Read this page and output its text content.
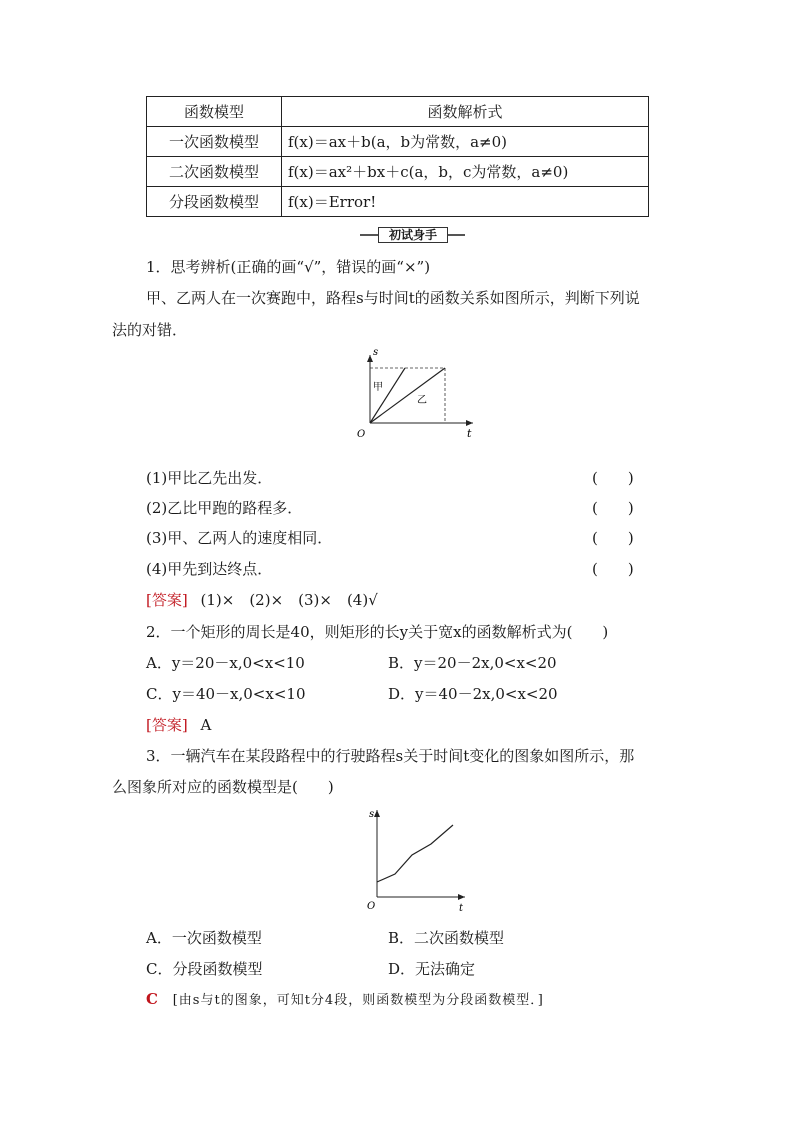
函数模型	函数解析式
一次函数模型	f(x)＝ax＋b(a，b为常数，a≠0)
二次函数模型	f(x)＝ax²＋bx＋c(a，b，c为常数，a≠0)
分段函数模型	f(x)＝Error!
初试身手
1．思考辨析(正确的画“√”，错误的画“×”)
甲、乙两人在一次赛跑中，路程s与时间t的函数关系如图所示，判断下列说
法的对错．
s
t
O
甲
乙
(1)甲比乙先出发．	(　　)
(2)乙比甲跑的路程多．	(　　)
(3)甲、乙两人的速度相同．	(　　)
(4)甲先到达终点．	(　　)
[答案] (1)×　(2)×　(3)×　(4)√
2．一个矩形的周长是40，则矩形的长y关于宽x的函数解析式为(　　)
A．y＝20－x,0<x<10	B．y＝20－2x,0<x<20
C．y＝40－x,0<x<10	D．y＝40－2x,0<x<20
[答案] A
3．一辆汽车在某段路程中的行驶路程s关于时间t变化的图象如图所示，那
么图象所对应的函数模型是(　　)
s
t
O
A．一次函数模型	B．二次函数模型
C．分段函数模型	D．无法确定
C [由s与t的图象，可知t分4段，则函数模型为分段函数模型．]
